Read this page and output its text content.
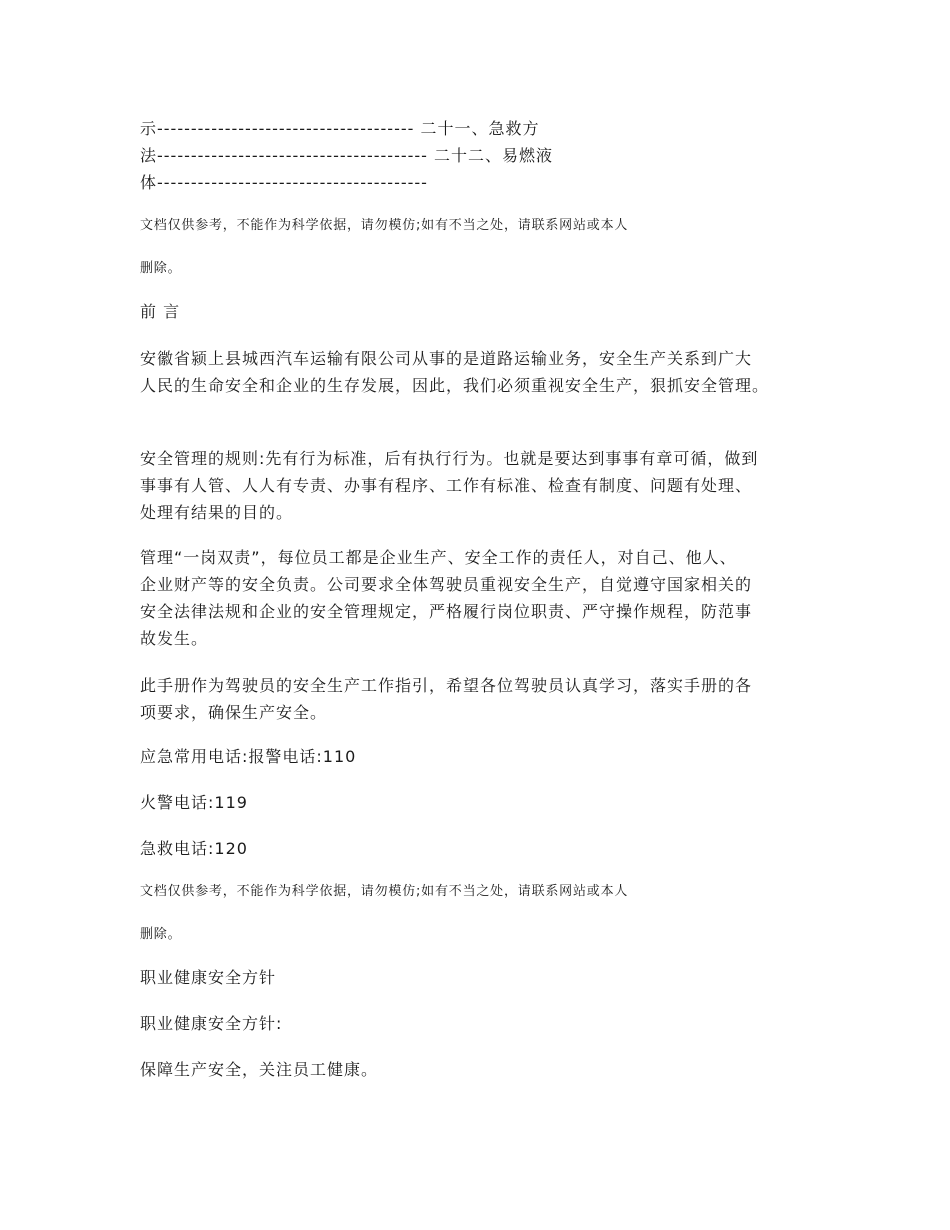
示-------------------------------------- 二十一、急救方
法---------------------------------------- 二十二、易燃液
体----------------------------------------
文档仅供参考，不能作为科学依据，请勿模仿;如有不当之处，请联系网站或本人
删除。
前 言
安徽省颍上县城西汽车运输有限公司从事的是道路运输业务，安全生产关系到广大
人民的生命安全和企业的生存发展，因此，我们必须重视安全生产，狠抓安全管理。
安全管理的规则:先有行为标准，后有执行行为。也就是要达到事事有章可循，做到
事事有人管、人人有专责、办事有程序、工作有标准、检查有制度、问题有处理、
处理有结果的目的。
管理“一岗双责”，每位员工都是企业生产、安全工作的责任人，对自己、他人、
企业财产等的安全负责。公司要求全体驾驶员重视安全生产，自觉遵守国家相关的
安全法律法规和企业的安全管理规定，严格履行岗位职责、严守操作规程，防范事
故发生。
此手册作为驾驶员的安全生产工作指引，希望各位驾驶员认真学习，落实手册的各
项要求，确保生产安全。
应急常用电话:报警电话:110
火警电话:119
急救电话:120
文档仅供参考，不能作为科学依据，请勿模仿;如有不当之处，请联系网站或本人
删除。
职业健康安全方针
职业健康安全方针:
保障生产安全，关注员工健康。
